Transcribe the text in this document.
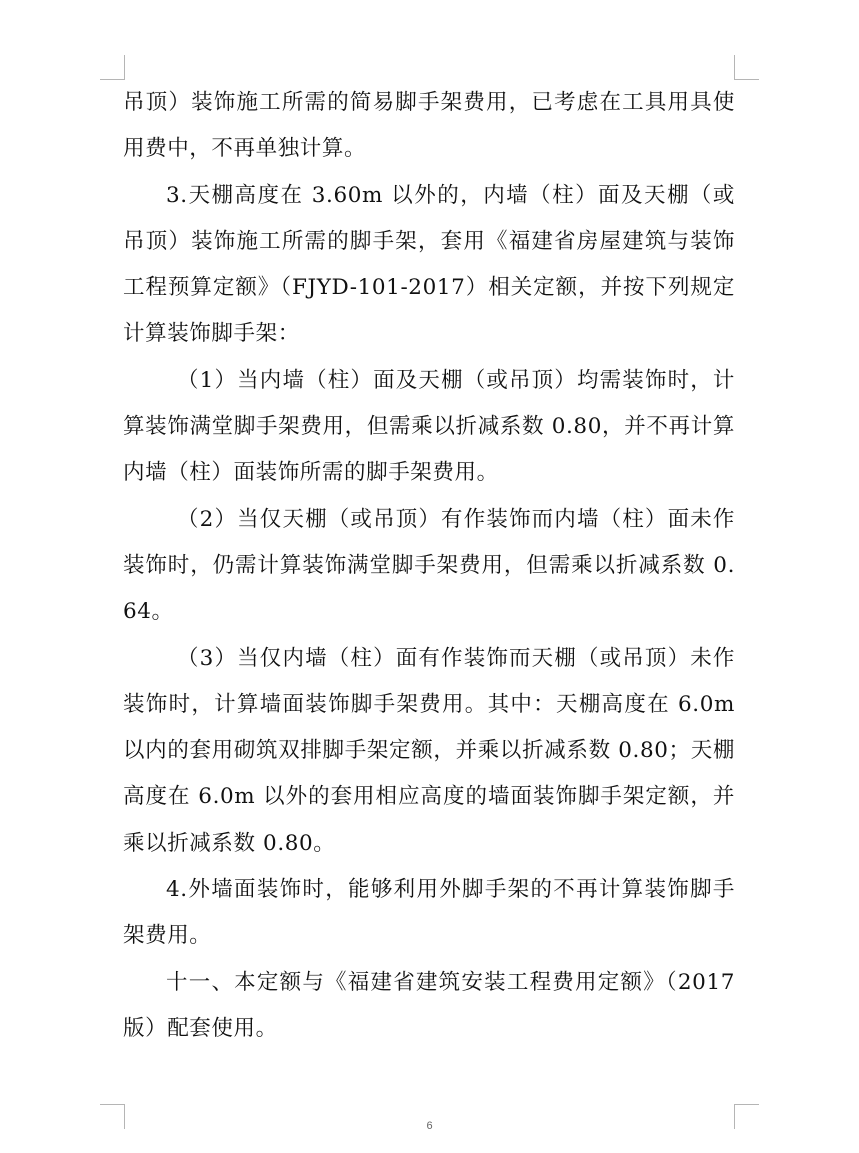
吊顶）装饰施工所需的简易脚手架费用，已考虑在工具用具使用费中，不再单独计算。

3.天棚高度在 3.60m 以外的，内墙（柱）面及天棚（或吊顶）装饰施工所需的脚手架，套用《福建省房屋建筑与装饰工程预算定额》（FJYD-101-2017）相关定额，并按下列规定计算装饰脚手架：

（1）当内墙（柱）面及天棚（或吊顶）均需装饰时，计算装饰满堂脚手架费用，但需乘以折减系数 0.80，并不再计算内墙（柱）面装饰所需的脚手架费用。

（2）当仅天棚（或吊顶）有作装饰而内墙（柱）面未作装饰时，仍需计算装饰满堂脚手架费用，但需乘以折减系数 0.64。

（3）当仅内墙（柱）面有作装饰而天棚（或吊顶）未作装饰时，计算墙面装饰脚手架费用。其中：天棚高度在 6.0m 以内的套用砌筑双排脚手架定额，并乘以折减系数 0.80；天棚高度在 6.0m 以外的套用相应高度的墙面装饰脚手架定额，并乘以折减系数 0.80。

4.外墙面装饰时，能够利用外脚手架的不再计算装饰脚手架费用。

十一、本定额与《福建省建筑安装工程费用定额》（2017 版）配套使用。

6
